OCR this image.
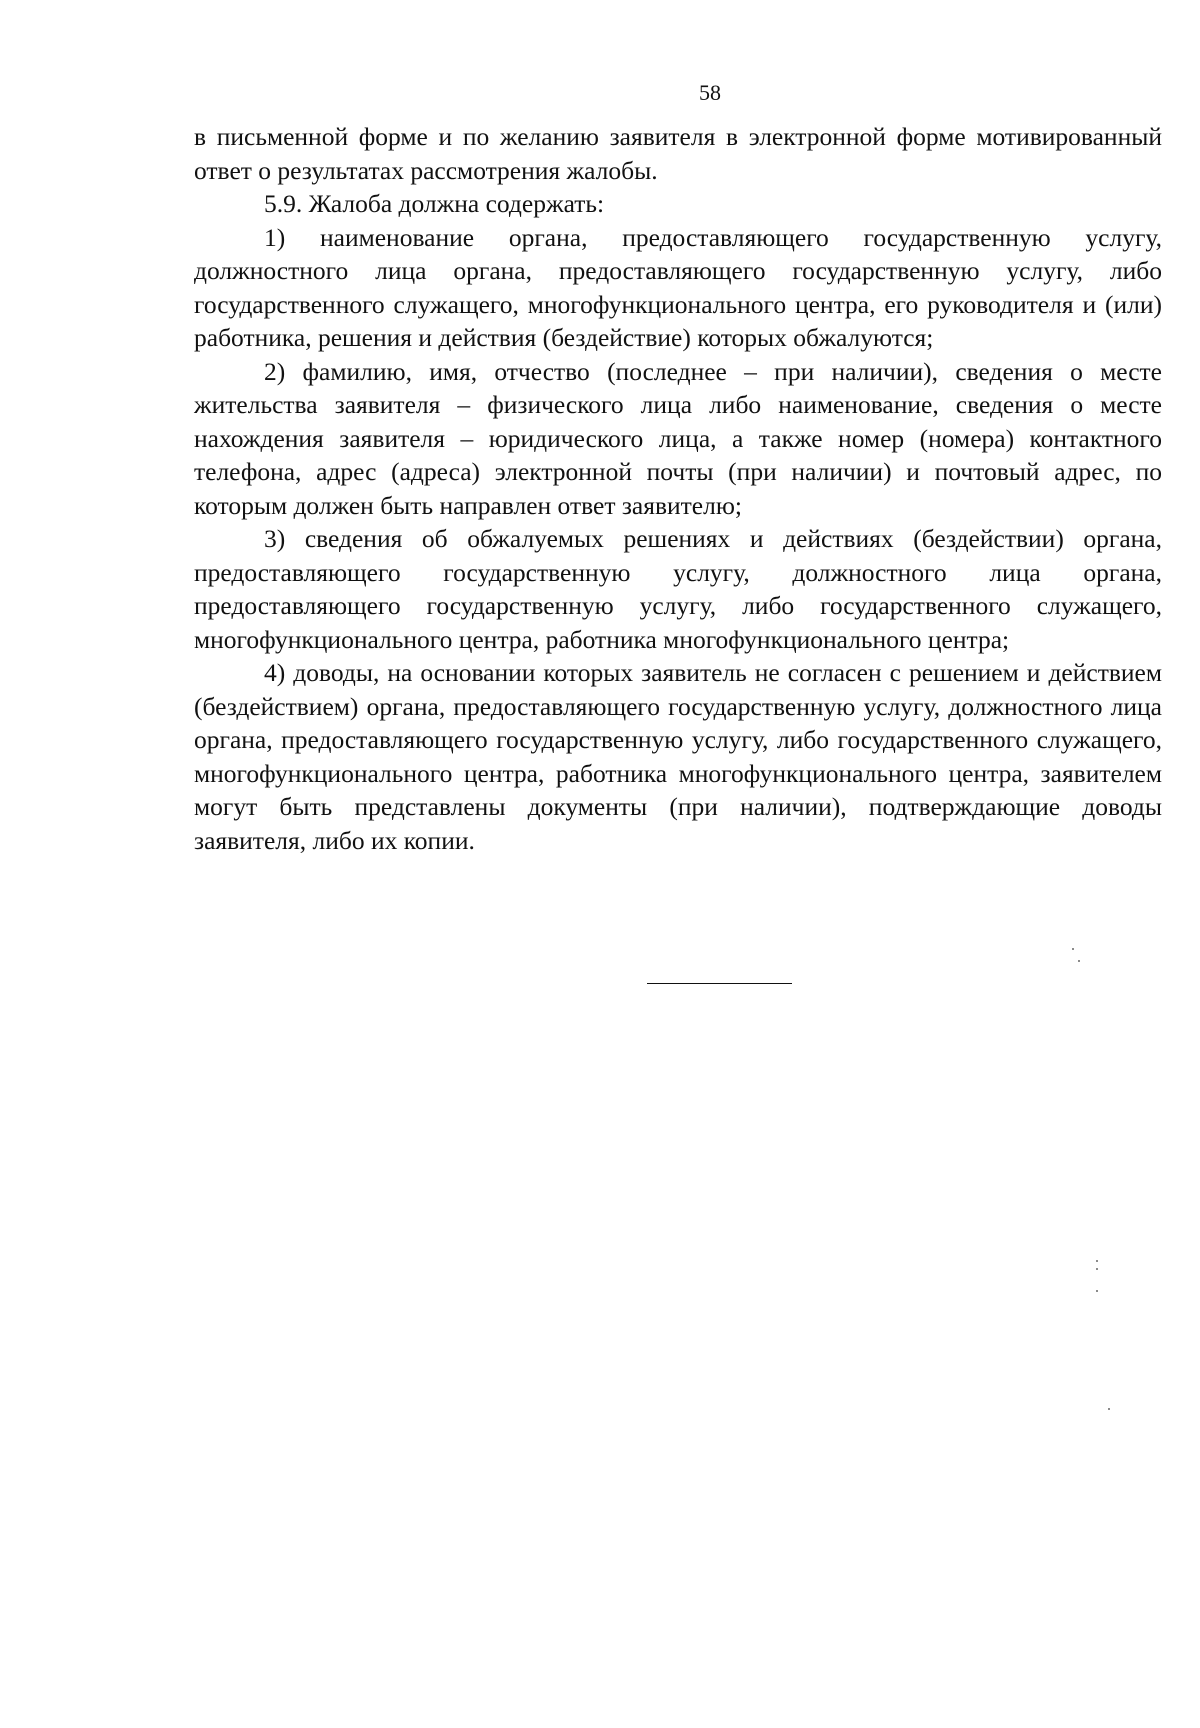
58

в письменной форме и по желанию заявителя в электронной форме мотивированный ответ о результатах рассмотрения жалобы.

5.9. Жалоба должна содержать:

1) наименование органа, предоставляющего государственную услугу, должностного лица органа, предоставляющего государственную услугу, либо государственного служащего, многофункционального центра, его руководителя и (или) работника, решения и действия (бездействие) которых обжалуются;

2) фамилию, имя, отчество (последнее – при наличии), сведения о месте жительства заявителя – физического лица либо наименование, сведения о месте нахождения заявителя – юридического лица, а также номер (номера) контактного телефона, адрес (адреса) электронной почты (при наличии) и почтовый адрес, по которым должен быть направлен ответ заявителю;

3) сведения об обжалуемых решениях и действиях (бездействии) органа, предоставляющего государственную услугу, должностного лица органа, предоставляющего государственную услугу, либо государственного служащего, многофункционального центра, работника многофункционального центра;

4) доводы, на основании которых заявитель не согласен с решением и действием (бездействием) органа, предоставляющего государственную услугу, должностного лица органа, предоставляющего государственную услугу, либо государственного служащего, многофункционального центра, работника многофункционального центра, заявителем могут быть представлены документы (при наличии), подтверждающие доводы заявителя, либо их копии.
